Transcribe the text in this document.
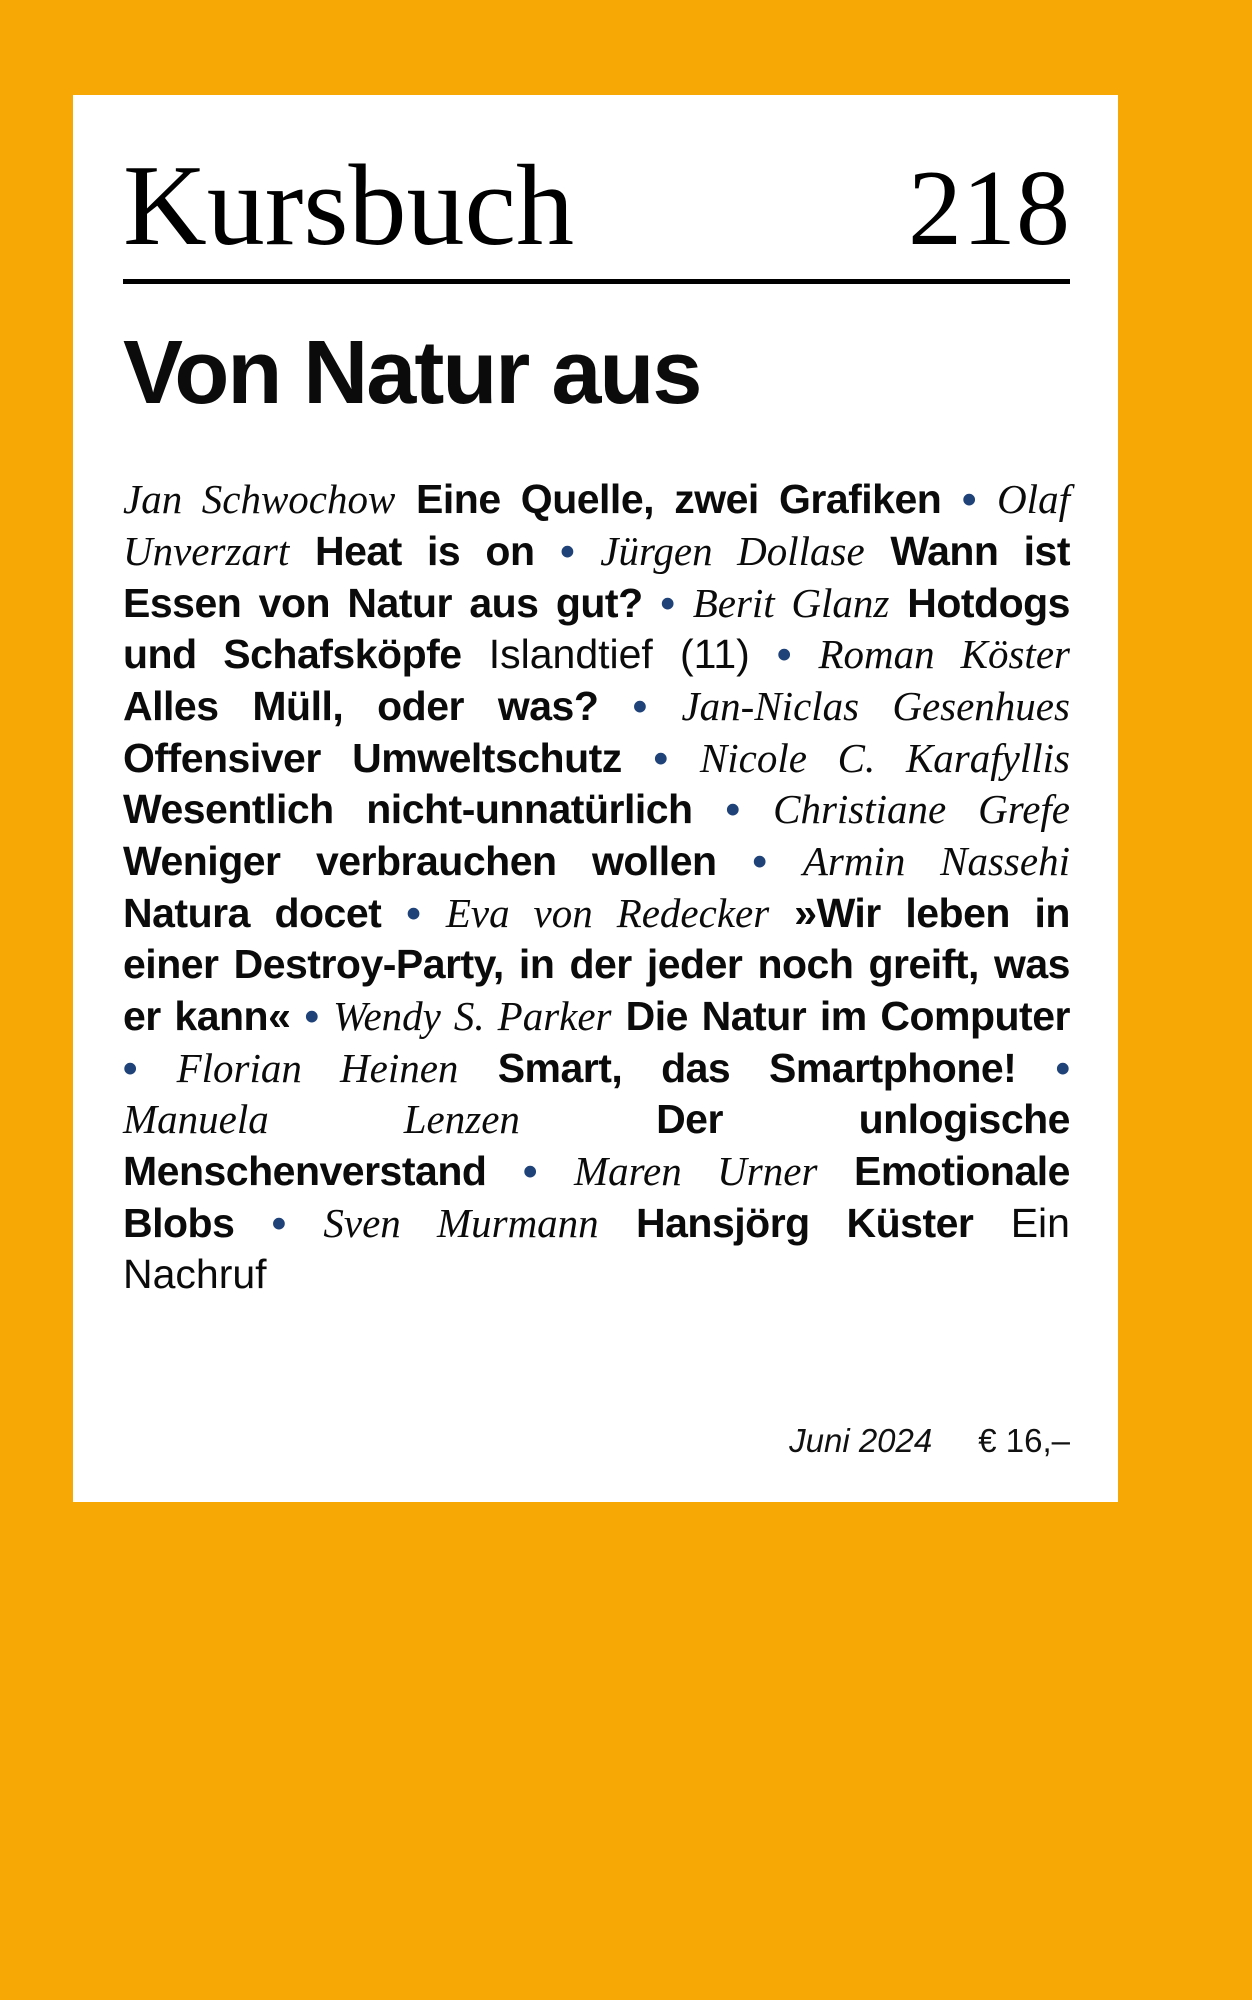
Kursbuch	218
Von Natur aus

Jan Schwochow Eine Quelle, zwei Grafiken • Olaf Unverzart Heat is on • Jürgen Dollase Wann ist Essen von Natur aus gut? • Berit Glanz Hotdogs und Schafsköpfe Islandtief (11) • Roman Köster Alles Müll, oder was? • Jan-Niclas Gesenhues Offensiver Umweltschutz • Nicole C. Karafyllis Wesentlich nicht-unnatürlich • Christiane Grefe Weniger verbrauchen wollen • Armin Nassehi Natura docet • Eva von Redecker »Wir leben in einer Destroy-Party, in der jeder noch greift, was er kann« • Wendy S. Parker Die Natur im Computer • Florian Heinen Smart, das Smartphone! • Manuela Lenzen	Der unlogische Menschenverstand • Maren Urner Emotionale Blobs • Sven Murmann Hansjörg Küster Ein Nachruf

Juni 2024 € 16,–
